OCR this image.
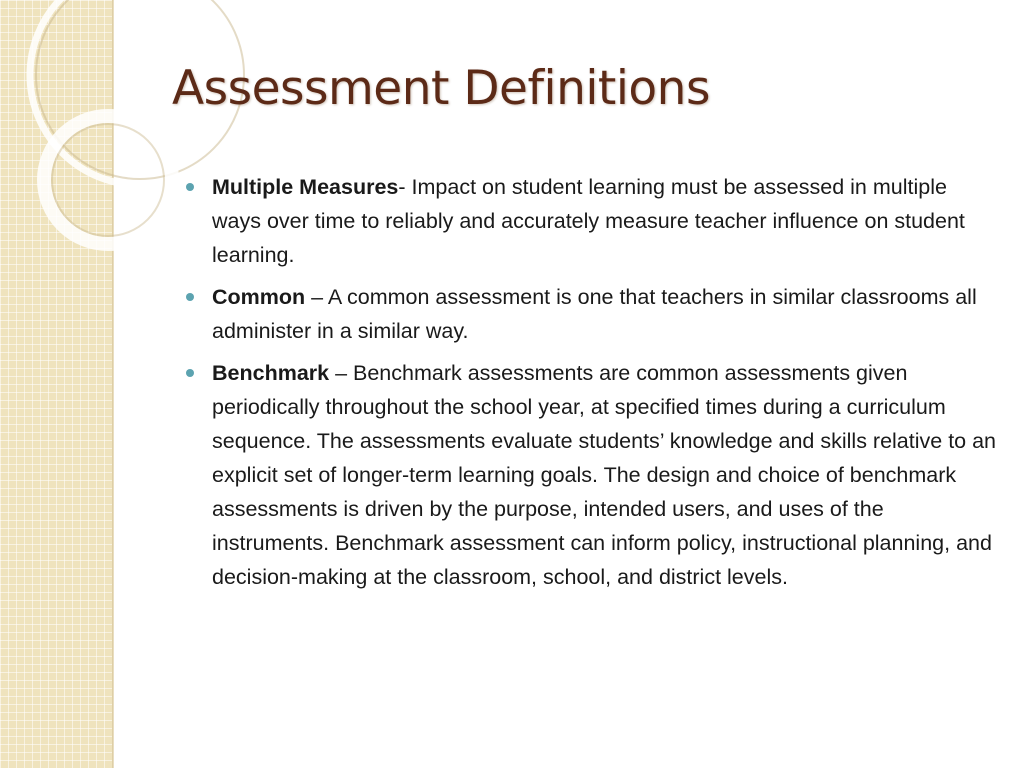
Assessment Definitions
Multiple Measures- Impact on student learning must be assessed in multiple ways over time to reliably and accurately measure teacher influence on student learning.
Common – A common assessment is one that teachers in similar classrooms all administer in a similar way.
Benchmark – Benchmark assessments are common assessments given periodically throughout the school year, at specified times during a curriculum sequence. The assessments evaluate students’ knowledge and skills relative to an explicit set of longer-term learning goals. The design and choice of benchmark assessments is driven by the purpose, intended users, and uses of the instruments. Benchmark assessment can inform policy, instructional planning, and decision-making at the classroom, school, and district levels.
